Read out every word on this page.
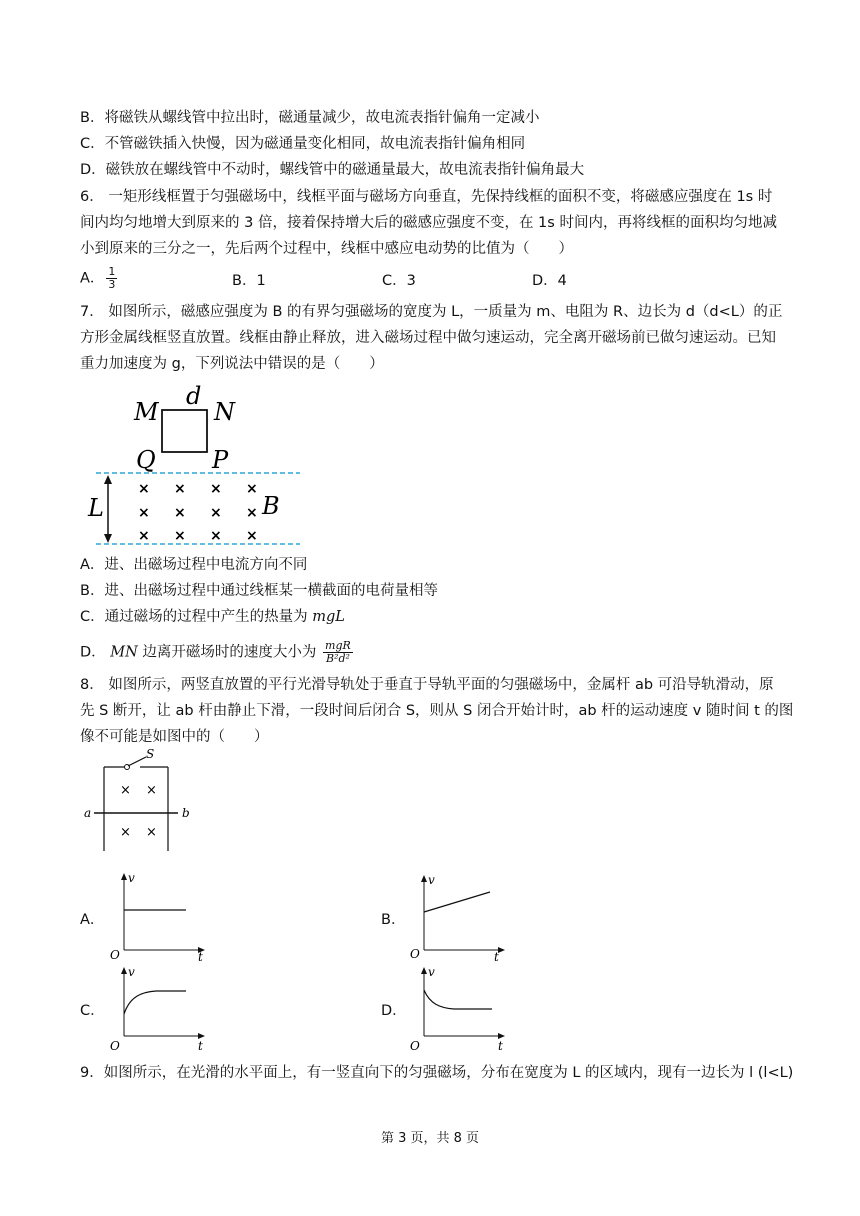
B．将磁铁从螺线管中拉出时，磁通量减少，故电流表指针偏角一定减小
C．不管磁铁插入快慢，因为磁通量变化相同，故电流表指针偏角相同
D．磁铁放在螺线管中不动时，螺线管中的磁通量最大，故电流表指针偏角最大
6． 一矩形线框置于匀强磁场中，线框平面与磁场方向垂直，先保持线框的面积不变，将磁感应强度在 1s 时
间内均匀地增大到原来的 3 倍，接着保持增大后的磁感应强度不变，在 1s 时间内，再将线框的面积均匀地减
小到原来的三分之一，先后两个过程中，线框中感应电动势的比值为（　　）
A． $\frac{1}{3}$	B．1	C．3	D．4
7． 如图所示，磁感应强度为 B 的有界匀强磁场的宽度为 L，一质量为 m、电阻为 R、边长为 d（d<L）的正
方形金属线框竖直放置。线框由静止释放，进入磁场过程中做匀速运动，完全离开磁场前已做匀速运动。已知
重力加速度为 g，下列说法中错误的是（　　）
d
M N
Q P
L	B
× × × ×
× × × ×
× × × ×
A．进、出磁场过程中电流方向不同
B．进、出磁场过程中通过线框某一横截面的电荷量相等
C．通过磁场的过程中产生的热量为 mgL
D． MN 边离开磁场时的速度大小为 $\frac{\text{mgR}}{\text{B²d²}}$
8． 如图所示，两竖直放置的平行光滑导轨处于垂直于导轨平面的匀强磁场中，金属杆 ab 可沿导轨滑动，原
先 S 断开，让 ab 杆由静止下滑，一段时间后闭合 S，则从 S 闭合开始计时，ab 杆的运动速度 v 随时间 t 的图
像不可能是如图中的（　　）
S
a	b
× ×
× ×
A．
v
O	t
B．
v
O	t
C．
v
O	t
D．
v
O	t
9．如图所示，在光滑的水平面上，有一竖直向下的匀强磁场，分布在宽度为 L 的区域内，现有一边长为 l (l<L)
第 3 页，共 8 页
